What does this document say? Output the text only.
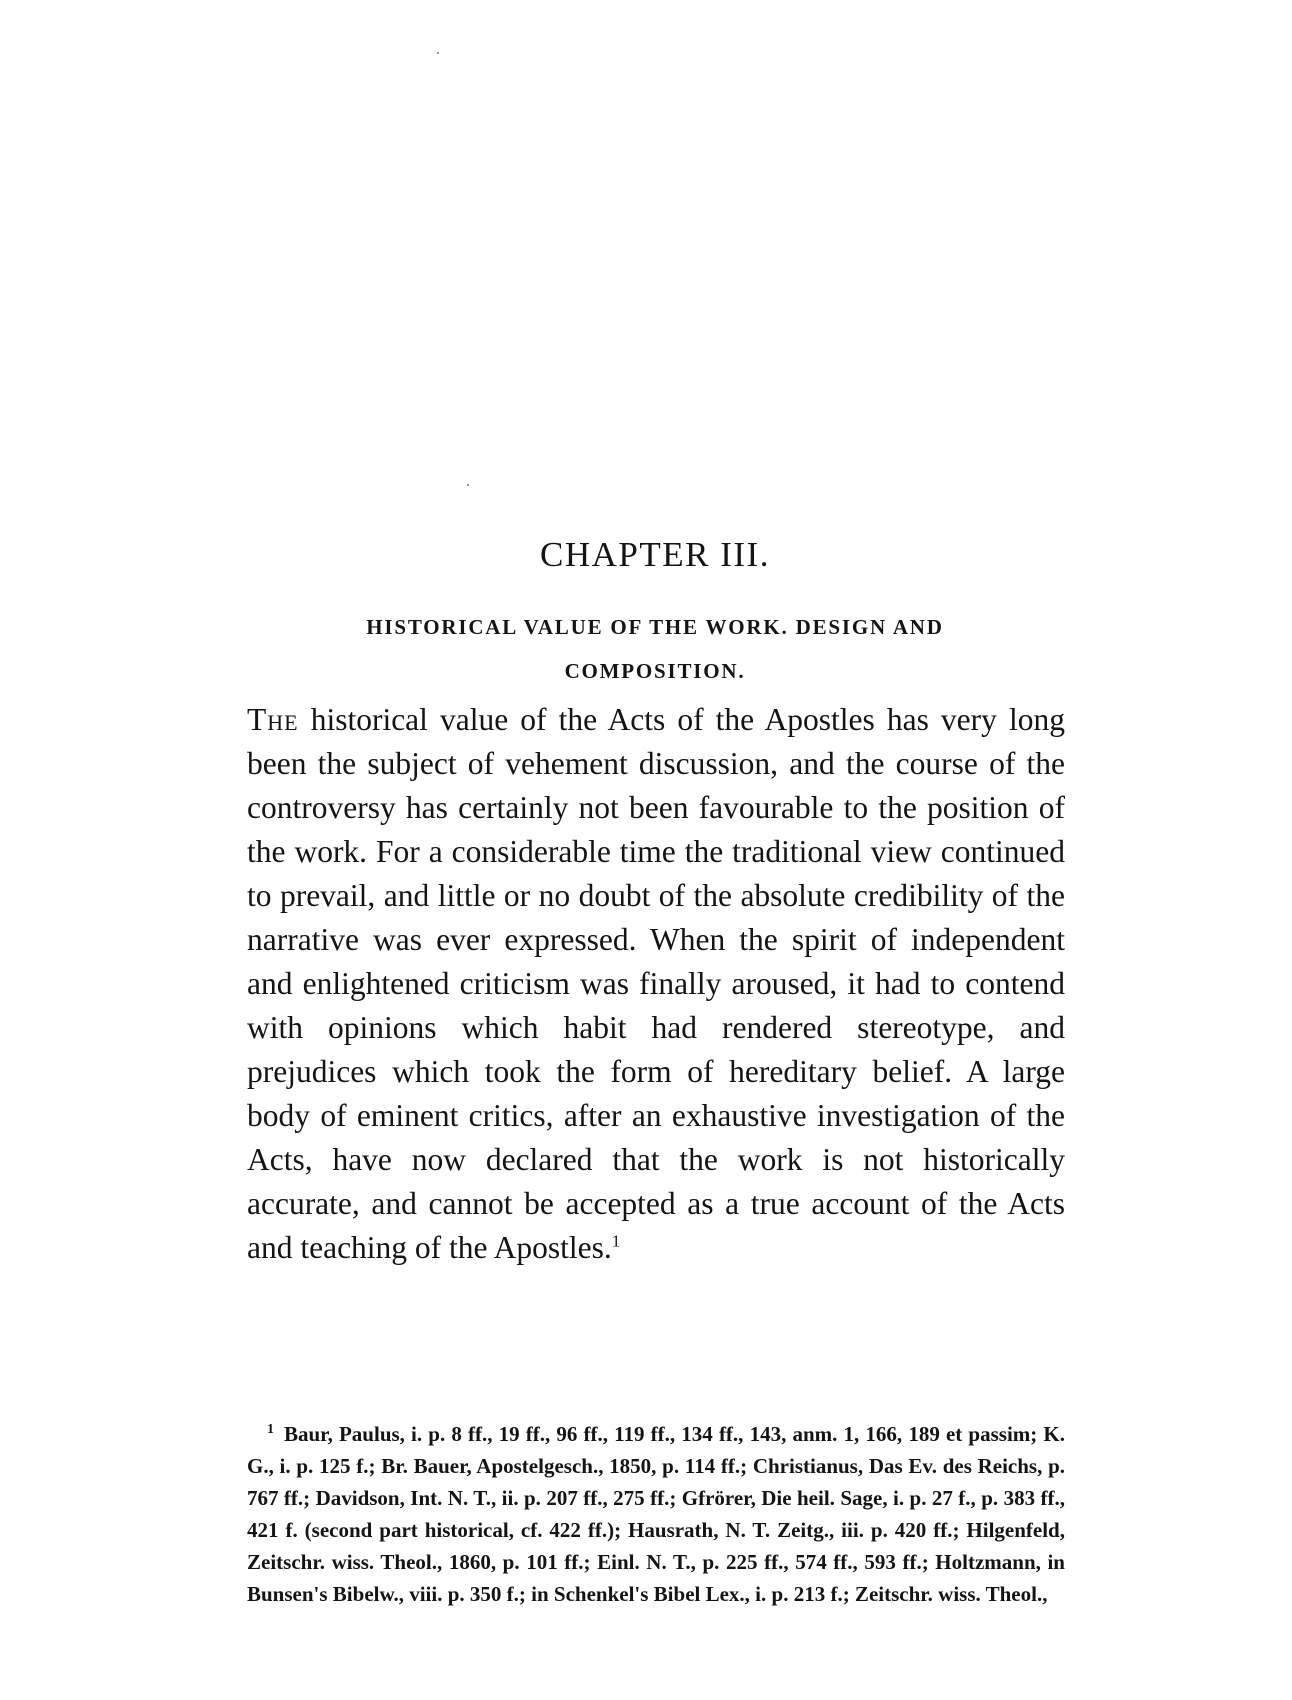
CHAPTER III.
HISTORICAL VALUE OF THE WORK. DESIGN AND COMPOSITION.

The historical value of the Acts of the Apostles has very long been the subject of vehement discussion, and the course of the controversy has certainly not been favourable to the position of the work. For a considerable time the traditional view continued to prevail, and little or no doubt of the absolute credibility of the narrative was ever expressed. When the spirit of independent and enlightened criticism was finally aroused, it had to contend with opinions which habit had rendered stereotype, and prejudices which took the form of hereditary belief. A large body of eminent critics, after an exhaustive investigation of the Acts, have now declared that the work is not historically accurate, and cannot be accepted as a true account of the Acts and teaching of the Apostles.$^1$

$^1$ Baur, Paulus, i. p. 8 ff., 19 ff., 96 ff., 119 ff., 134 ff., 143, anm. 1, 166, 189 et passim; K. G., i. p. 125 f.; Br. Bauer, Apostelgesch., 1850, p. 114 ff.; Christianus, Das Ev. des Reichs, p. 767 ff.; Davidson, Int. N. T., ii. p. 207 ff., 275 ff.; Gfrörer, Die heil. Sage, i. p. 27 f., p. 383 ff., 421 f. (second part historical, cf. 422 ff.); Hausrath, N. T. Zeitg., iii. p. 420 ff.; Hilgenfeld, Zeitschr. wiss. Theol., 1860, p. 101 ff.; Einl. N. T., p. 225 ff., 574 ff., 593 ff.; Holtzmann, in Bunsen's Bibelw., viii. p. 350 f.; in Schenkel's Bibel Lex., i. p. 213 f.; Zeitschr. wiss. Theol.,
